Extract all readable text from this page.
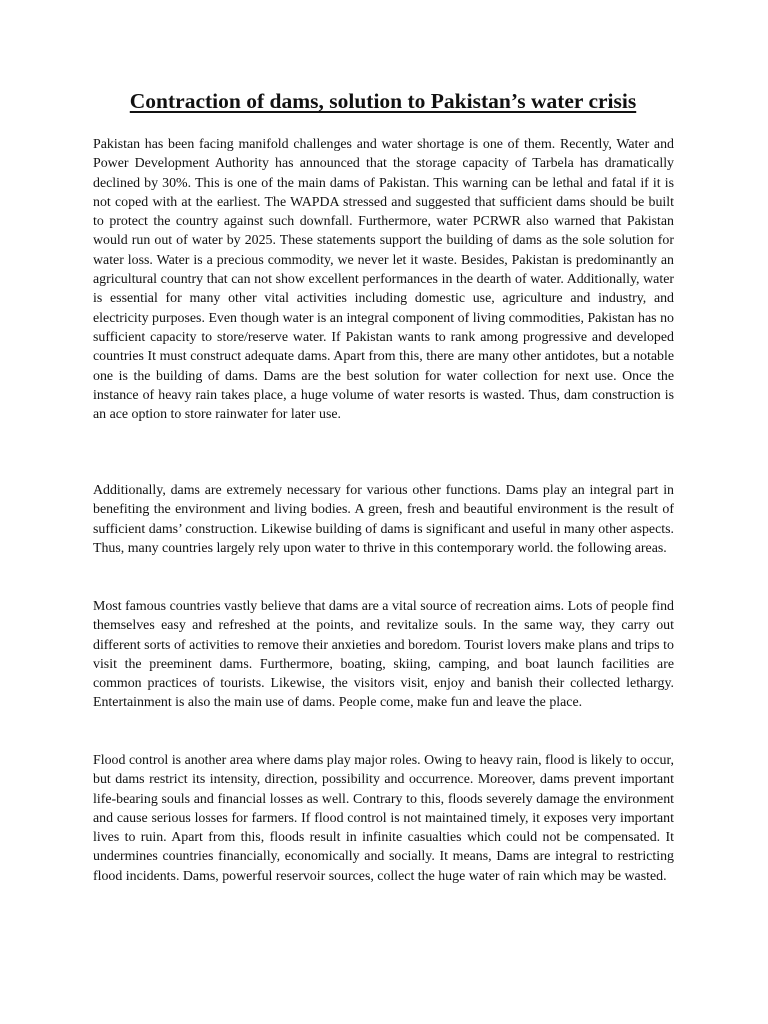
Contraction of dams, solution to Pakistan’s water crisis

Pakistan has been facing manifold challenges and water shortage is one of them. Recently, Water and Power Development Authority has announced that the storage capacity of Tarbela has dramatically declined by 30%. This is one of the main dams of Pakistan. This warning can be lethal and fatal if it is not coped with at the earliest. The WAPDA stressed and suggested that sufficient dams should be built to protect the country against such downfall. Furthermore, water PCRWR also warned that Pakistan would run out of water by 2025. These statements support the building of dams as the sole solution for water loss. Water is a precious commodity, we never let it waste. Besides, Pakistan is predominantly an agricultural country that can not show excellent performances in the dearth of water. Additionally, water is essential for many other vital activities including domestic use, agriculture and industry, and electricity purposes. Even though water is an integral component of living commodities, Pakistan has no sufficient capacity to store/reserve water. If Pakistan wants to rank among progressive and developed countries It must construct adequate dams. Apart from this, there are many other antidotes, but a notable one is the building of dams. Dams are the best solution for water collection for next use. Once the instance of heavy rain takes place, a huge volume of water resorts is wasted. Thus, dam construction is an ace option to store rainwater for later use.

Additionally, dams are extremely necessary for various other functions. Dams play an integral part in benefiting the environment and living bodies. A green, fresh and beautiful environment is the result of sufficient dams’ construction. Likewise building of dams is significant and useful in many other aspects. Thus, many countries largely rely upon water to thrive in this contemporary world. the following areas.

Most famous countries vastly believe that dams are a vital source of recreation aims. Lots of people find themselves easy and refreshed at the points, and revitalize souls. In the same way, they carry out different sorts of activities to remove their anxieties and boredom. Tourist lovers make plans and trips to visit the preeminent dams. Furthermore, boating, skiing, camping, and boat launch facilities are common practices of tourists. Likewise, the visitors visit, enjoy and banish their collected lethargy. Entertainment is also the main use of dams. People come, make fun and leave the place.

Flood control is another area where dams play major roles. Owing to heavy rain, flood is likely to occur, but dams restrict its intensity, direction, possibility and occurrence. Moreover, dams prevent important life-bearing souls and financial losses as well. Contrary to this, floods severely damage the environment and cause serious losses for farmers. If flood control is not maintained timely, it exposes very important lives to ruin. Apart from this, floods result in infinite casualties which could not be compensated. It undermines countries financially, economically and socially. It means, Dams are integral to restricting flood incidents. Dams, powerful reservoir sources, collect the huge water of rain which may be wasted.
